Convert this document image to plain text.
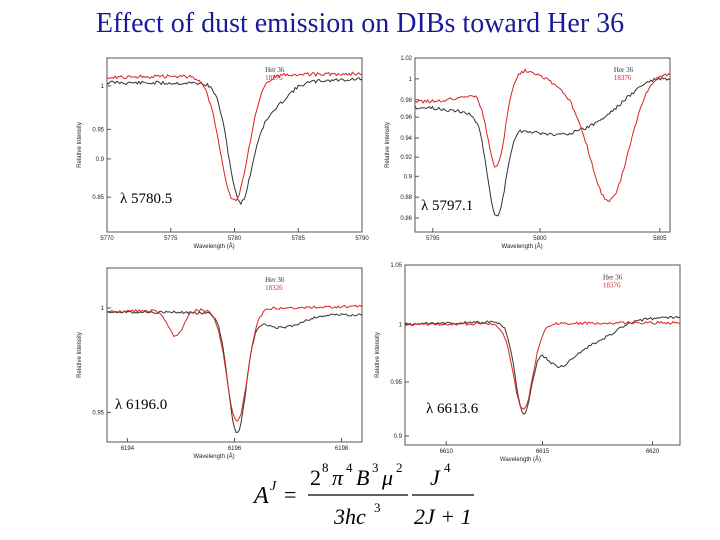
Effect of dust emission on DIBs toward Her 36
1
0.95
0.9
0.85
5770	5775	5780	5785	5790
Wavelength (Å)
Relative Intensity
Her 36
18376
λ 5780.5
1.02
1
0.98
0.96
0.94
0.92
0.9
0.88
0.86
5795	5800	5805
Wavelength (Å)
Relative Intensity
Her 36
18376
λ 5797.1
1
0.95
6194	6196	6198
Wavelength (Å)
Relative Intensity
Her 36
18326
λ 6196.0
1.05
1
0.95
0.9
6610	6615	6620
Wavelength (Å)
Relative Intensity
Her 36
18376
λ 6613.6
A J =
2 8 π 4 B 3 μ 2
3hc 3
J 4
2J + 1
